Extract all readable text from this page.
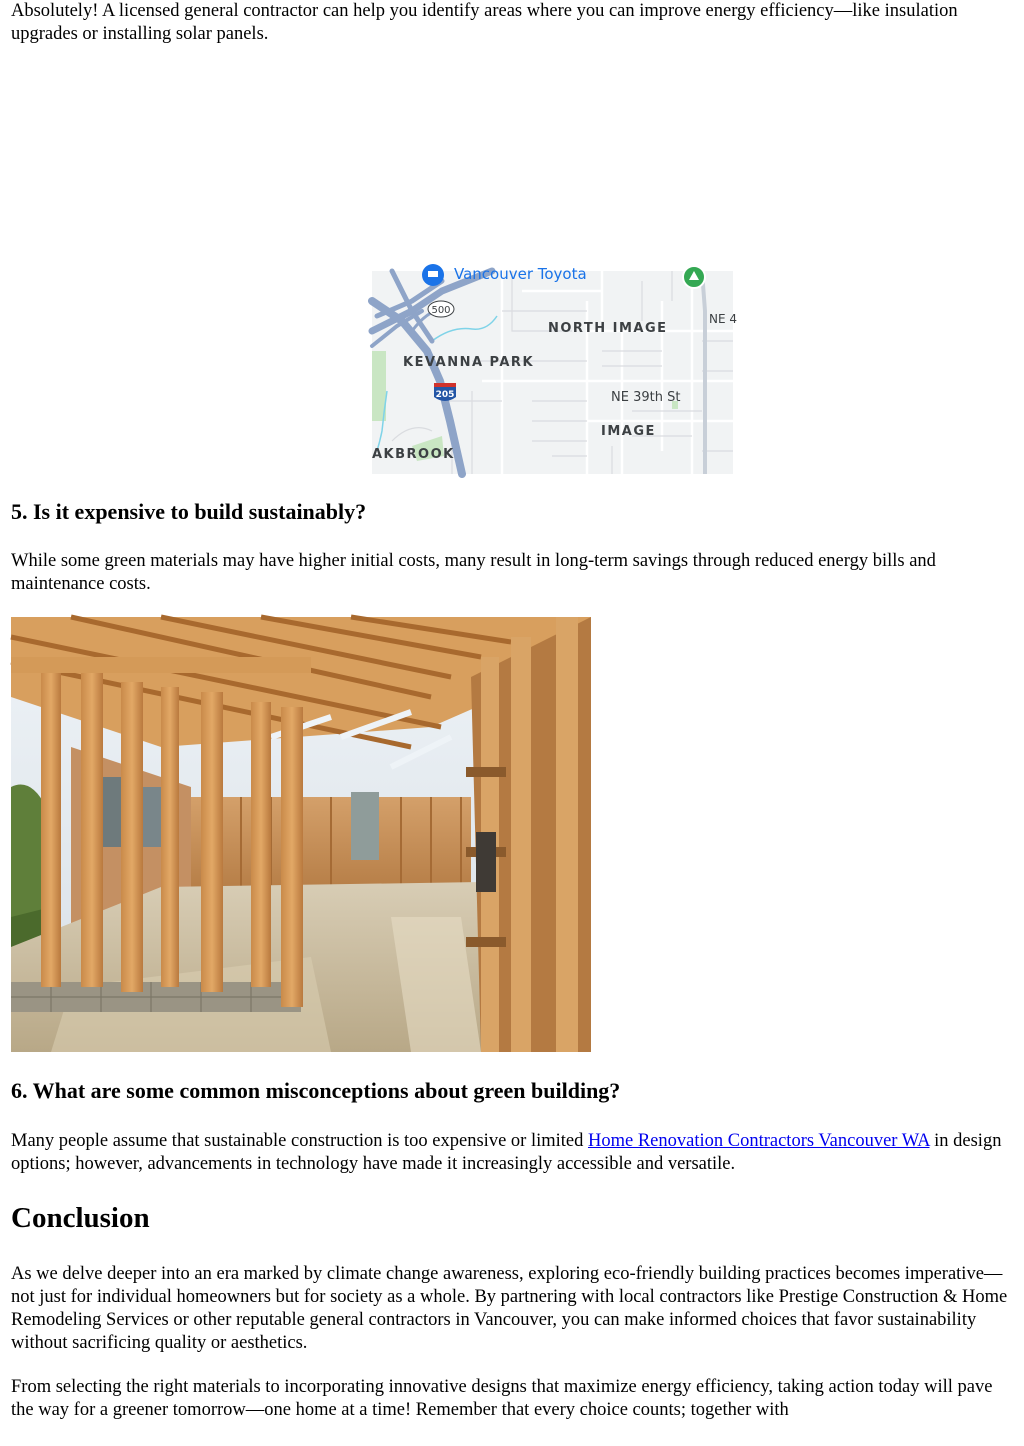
Absolutely! A licensed general contractor can help you identify areas where you can improve energy efficiency—like insulation upgrades or installing solar panels.

500
205
Vancouver Toyota
NORTH IMAGE
KEVANNA PARK
NE 39th St
IMAGE
AKBROOK
NE 4
5. Is it expensive to build sustainably?

While some green materials may have higher initial costs, many result in long-term savings through reduced energy bills and maintenance costs.

6. What are some common misconceptions about green building?

Many people assume that sustainable construction is too expensive or limited Home Renovation Contractors Vancouver WA in design options; however, advancements in technology have made it increasingly accessible and versatile.

Conclusion

As we delve deeper into an era marked by climate change awareness, exploring eco-friendly building practices becomes imperative—not just for individual homeowners but for society as a whole. By partnering with local contractors like Prestige Construction & Home Remodeling Services or other reputable general contractors in Vancouver, you can make informed choices that favor sustainability without sacrificing quality or aesthetics.

From selecting the right materials to incorporating innovative designs that maximize energy efficiency, taking action today will pave the way for a greener tomorrow—one home at a time! Remember that every choice counts; together with
